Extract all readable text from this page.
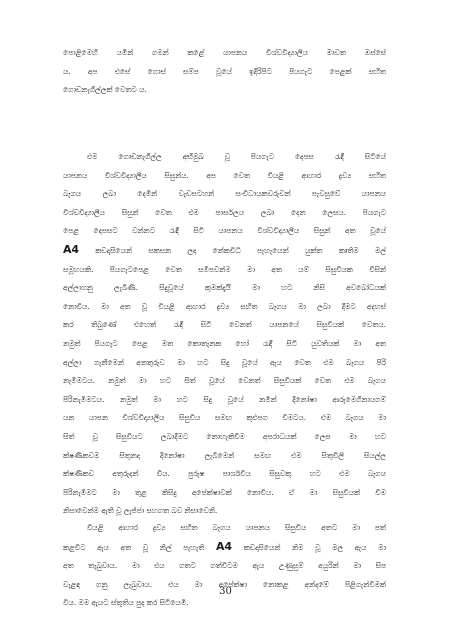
පොළිමෙහි යමින් ගමන් කළේ යාපනය විශ්වවිද්‍යාලීය මාවත ඔස්සේ
ය. අප එසේ ගොස් සම්ප වූයේ ඉදිරිපිට පියගැට පෙළක් සහිත
ගොඩනැගිල්ලක් වෙතට ය.
එම ගොඩනැගිල්ල අභිමුඛ වූ පියගැට දෙපස රැඳී සිටියේ
යාපනය විශ්වවිද්‍යාලීය සිසුන්ය. අප වෙත වියළි ආහාර ද්‍රව්‍ය සහිත
බෑගය ලබා දෙමින් වැඩසටහන් සංවිධායකවරුවන් පැවසුවේ යාපනය
විශ්වවිද්‍යාලීය සිසුන් වෙත එම පාර්සලය ලබා දෙන ලෙසය. පියගැට
පෙළ දෙපසට වන්නට රැඳී සිටි යාපනය විශ්වවිද්‍යාලීය සිසුන් අත වූයේ
A4 කඩදාසියෙන් සකසන ලද නේකවිධි පැහැයෙන් යුක්ත කෘතිම මල්
සමූහයකි. පියගැටපෙළ වෙත සමීපවන්ම මා අත යම් සිසුවියක විසින්
අල්ලාගනු ලැබිණි. සිදුවූයේ කුමක්දැයි මා හට නිසි අවබෝධයක්
නොවීය. මා අත වූ වියළි ආහාර ද්‍රව්‍ය සහිත බෑගය මා ලබා දීමට අදහස්
කර තිබුණේ එහෙත් රැඳී සිටි වෙනත් යාපනයේ සිසුවියක් වෙතය.
නමුත් පියගැට පෙළ මත කොතැනක හෝ රැඳී සිටි යුවතියක් මා අත
අල්ලා ගැනීමෙන් අනතුරුව මා හට සිදු වූයේ ඇය වෙත එම බෑගය පිරි
නැමීමටය. නමුත් මා හට සිත් වූයේ වෙනත් සිසුවියක් වෙත එම බෑගය
පිරිනැමීමටය. නමුත් මා හට සිදු වූයේ නමින් දිනෝෂා ආරුමෙගිනායගම්
යන යාපන විශ්වවිද්‍යාලීය සිසුවිය සමඟ කුළුපග වීමටය. එම බෑගය මා
සිත් වූ සිසුවියට ලබාදීමට නොහැකිවීම අපරාධයක් ලෙස මා හට
ක්ෂණිකවම සිතුනද දිනෝෂා ලැබීමෙන් සමඟ එම සිතුවිලි සියල්ල
ක්ෂණිකව අතුරුදන් විය. පුරුෂ පාර්ශවීය සිසුවකු හට එම බෑගය
පිරිනැමීමට මා තුළ කිසිදු අපේක්ෂාවක් නොවිය. ඒ මා සිසුවියක් වීම
නිසාවෙන්ම ඇති වූ ලැජ්ජා සහගත බව නිසාවෙනි.
වියළි ආහාර ද්‍රව්‍ය සහිත බෑගය යාපනය සිසුවිය අතට මා පත්
කළවිට ඇය අත වූ නිල් පැහැති A4 කඩදාසියෙන් නිම වූ මල ඇය මා
අත තැබුවාය. මා එය ගතට ගත්විටම ඇය උණුසුම් අයුරින් මා සිප
වැළඳ ගනු ලැබුවාය. එය මා අපේක්ෂා නොකළ අන්දමේ පිළිගැන්වීමක්
විය. මම ඇයට ස්තූතිය පුද කර සිටියෙමි.
30
